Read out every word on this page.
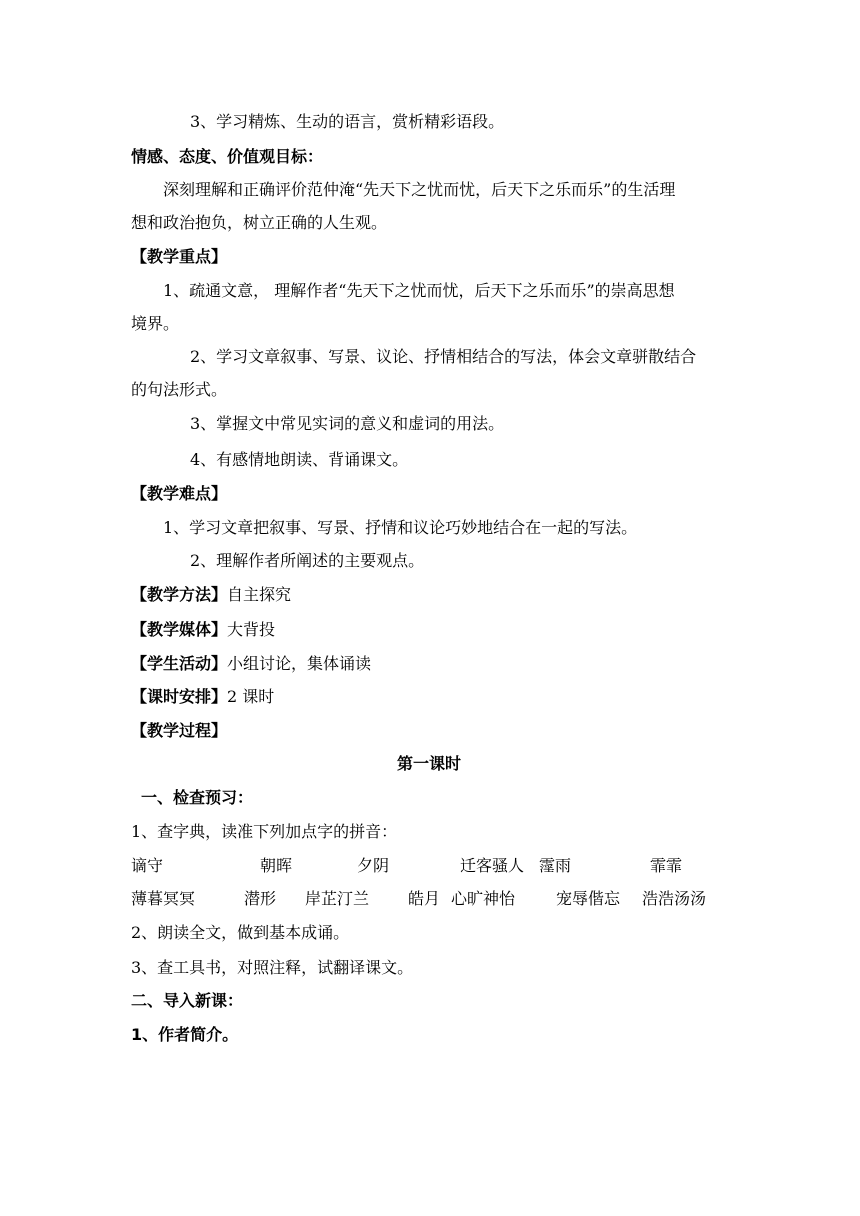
3、学习精炼、生动的语言，赏析精彩语段。
情感、态度、价值观目标：
深刻理解和正确评价范仲淹“先天下之忧而忧，后天下之乐而乐”的生活理
想和政治抱负，树立正确的人生观。
【教学重点】
1、疏通文意， 理解作者“先天下之忧而忧，后天下之乐而乐”的崇高思想
境界。
2、学习文章叙事、写景、议论、抒情相结合的写法，体会文章骈散结合
的句法形式。
3、掌握文中常见实词的意义和虚词的用法。
4、有感情地朗读、背诵课文。
【教学难点】
1、学习文章把叙事、写景、抒情和议论巧妙地结合在一起的写法。
2、理解作者所阐述的主要观点。
【教学方法】自主探究
【教学媒体】大背投
【学生活动】小组讨论，集体诵读
【课时安排】2 课时
【教学过程】
第一课时
一、检查预习：
1、查字典，读准下列加点字的拼音：
谪守	朝晖	夕阴	迁客骚人 霪雨	霏霏
薄暮冥冥	潜形 岸芷汀兰 皓月 心旷神怡	宠辱偕忘 浩浩汤汤
2、朗读全文，做到基本成诵。
3、查工具书，对照注释，试翻译课文。
二、导入新课：
1、作者简介。
